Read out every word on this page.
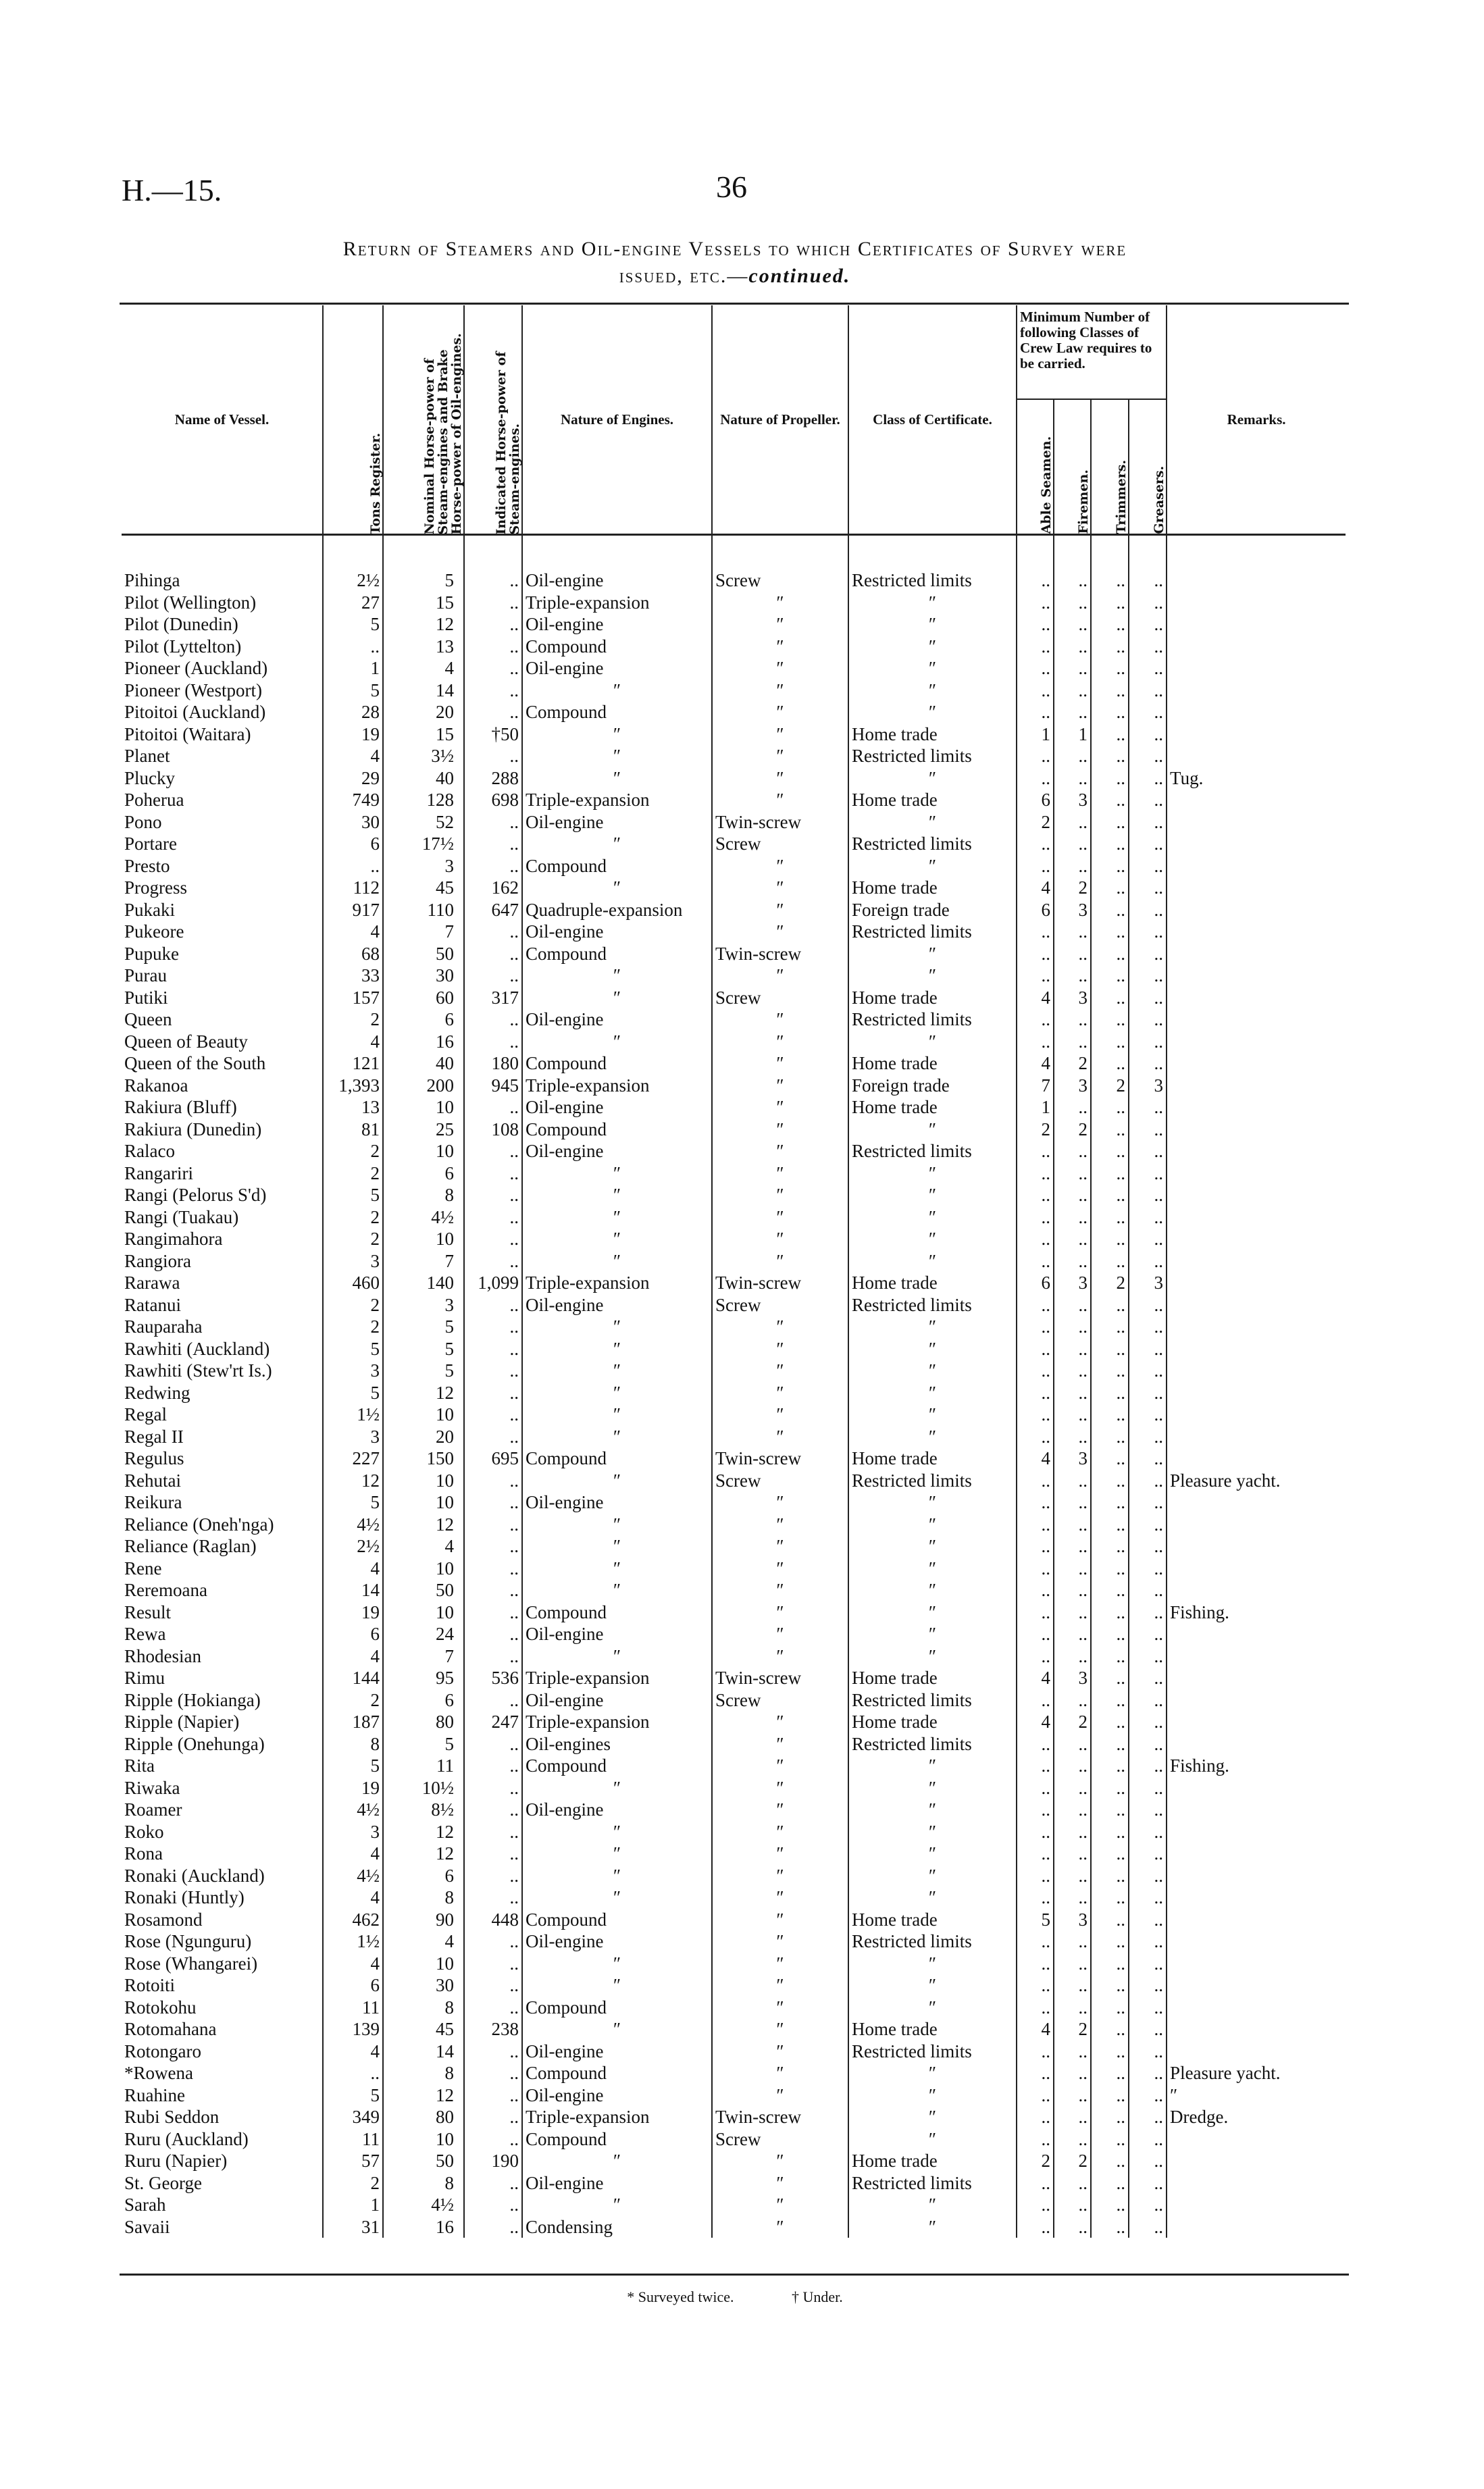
H.—15.	36
Return of Steamers and Oil-engine Vessels to which Certificates of Survey were
issued, etc.—continued.
Name of Vessel.	Tons Register.	Nominal Horse-power of Steam-engines and Brake Horse-power of Oil-engines.	Indicated Horse-power of Steam-engines.	Nature of Engines.	Nature of Propeller.	Class of Certificate.	Minimum Number of following Classes of Crew Law requires to be carried.				Remarks.
							Able Seamen.	Firemen.	Trimmers.	Greasers.	
Pihinga	2½	5	..	Oil-engine	Screw	Restricted limits	..	..	..	..	
Pilot (Wellington)	27	15	..	Triple-expansion	″	″	..	..	..	..	
Pilot (Dunedin)	5	12	..	Oil-engine	″	″	..	..	..	..	
Pilot (Lyttelton)	..	13	..	Compound	″	″	..	..	..	..	
Pioneer (Auckland)	1	4	..	Oil-engine	″	″	..	..	..	..	
Pioneer (Westport)	5	14	..	″	″	″	..	..	..	..	
Pitoitoi (Auckland)	28	20	..	Compound	″	″	..	..	..	..	
Pitoitoi (Waitara)	19	15	†50	″	″	Home trade	1	1	..	..	
Planet	4	3½	..	″	″	Restricted limits	..	..	..	..	
Plucky	29	40	288	″	″	″	..	..	..	..	Tug.
Poherua	749	128	698	Triple-expansion	″	Home trade	6	3	..	..	
Pono	30	52	..	Oil-engine	Twin-screw	″	2	..	..	..	
Portare	6	17½	..	″	Screw	Restricted limits	..	..	..	..	
Presto	..	3	..	Compound	″	″	..	..	..	..	
Progress	112	45	162	″	″	Home trade	4	2	..	..	
Pukaki	917	110	647	Quadruple-expansion	″	Foreign trade	6	3	..	..	
Pukeore	4	7	..	Oil-engine	″	Restricted limits	..	..	..	..	
Pupuke	68	50	..	Compound	Twin-screw	″	..	..	..	..	
Purau	33	30	..	″	″	″	..	..	..	..	
Putiki	157	60	317	″	Screw	Home trade	4	3	..	..	
Queen	2	6	..	Oil-engine	″	Restricted limits	..	..	..	..	
Queen of Beauty	4	16	..	″	″	″	..	..	..	..	
Queen of the South	121	40	180	Compound	″	Home trade	4	2	..	..	
Rakanoa	1,393	200	945	Triple-expansion	″	Foreign trade	7	3	2	3	
Rakiura (Bluff)	13	10	..	Oil-engine	″	Home trade	1	..	..	..	
Rakiura (Dunedin)	81	25	108	Compound	″	″	2	2	..	..	
Ralaco	2	10	..	Oil-engine	″	Restricted limits	..	..	..	..	
Rangariri	2	6	..	″	″	″	..	..	..	..	
Rangi (Pelorus S'd)	5	8	..	″	″	″	..	..	..	..	
Rangi (Tuakau)	2	4½	..	″	″	″	..	..	..	..	
Rangimahora	2	10	..	″	″	″	..	..	..	..	
Rangiora	3	7	..	″	″	″	..	..	..	..	
Rarawa	460	140	1,099	Triple-expansion	Twin-screw	Home trade	6	3	2	3	
Ratanui	2	3	..	Oil-engine	Screw	Restricted limits	..	..	..	..	
Rauparaha	2	5	..	″	″	″	..	..	..	..	
Rawhiti (Auckland)	5	5	..	″	″	″	..	..	..	..	
Rawhiti (Stew'rt Is.)	3	5	..	″	″	″	..	..	..	..	
Redwing	5	12	..	″	″	″	..	..	..	..	
Regal	1½	10	..	″	″	″	..	..	..	..	
Regal II	3	20	..	″	″	″	..	..	..	..	
Regulus	227	150	695	Compound	Twin-screw	Home trade	4	3	..	..	
Rehutai	12	10	..	″	Screw	Restricted limits	..	..	..	..	Pleasure yacht.
Reikura	5	10	..	Oil-engine	″	″	..	..	..	..	
Reliance (Oneh'nga)	4½	12	..	″	″	″	..	..	..	..	
Reliance (Raglan)	2½	4	..	″	″	″	..	..	..	..	
Rene	4	10	..	″	″	″	..	..	..	..	
Reremoana	14	50	..	″	″	″	..	..	..	..	
Result	19	10	..	Compound	″	″	..	..	..	..	Fishing.
Rewa	6	24	..	Oil-engine	″	″	..	..	..	..	
Rhodesian	4	7	..	″	″	″	..	..	..	..	
Rimu	144	95	536	Triple-expansion	Twin-screw	Home trade	4	3	..	..	
Ripple (Hokianga)	2	6	..	Oil-engine	Screw	Restricted limits	..	..	..	..	
Ripple (Napier)	187	80	247	Triple-expansion	″	Home trade	4	2	..	..	
Ripple (Onehunga)	8	5	..	Oil-engines	″	Restricted limits	..	..	..	..	
Rita	5	11	..	Compound	″	″	..	..	..	..	Fishing.
Riwaka	19	10½	..	″	″	″	..	..	..	..	
Roamer	4½	8½	..	Oil-engine	″	″	..	..	..	..	
Roko	3	12	..	″	″	″	..	..	..	..	
Rona	4	12	..	″	″	″	..	..	..	..	
Ronaki (Auckland)	4½	6	..	″	″	″	..	..	..	..	
Ronaki (Huntly)	4	8	..	″	″	″	..	..	..	..	
Rosamond	462	90	448	Compound	″	Home trade	5	3	..	..	
Rose (Ngunguru)	1½	4	..	Oil-engine	″	Restricted limits	..	..	..	..	
Rose (Whangarei)	4	10	..	″	″	″	..	..	..	..	
Rotoiti	6	30	..	″	″	″	..	..	..	..	
Rotokohu	11	8	..	Compound	″	″	..	..	..	..	
Rotomahana	139	45	238	″	″	Home trade	4	2	..	..	
Rotongaro	4	14	..	Oil-engine	″	Restricted limits	..	..	..	..	
*Rowena	..	8	..	Compound	″	″	..	..	..	..	Pleasure yacht.
Ruahine	5	12	..	Oil-engine	″	″	..	..	..	..	″
Rubi Seddon	349	80	..	Triple-expansion	Twin-screw	″	..	..	..	..	Dredge.
Ruru (Auckland)	11	10	..	Compound	Screw	″	..	..	..	..	
Ruru (Napier)	57	50	190	″	″	Home trade	2	2	..	..	
St. George	2	8	..	Oil-engine	″	Restricted limits	..	..	..	..	
Sarah	1	4½	..	″	″	″	..	..	..	..	
Savaii	31	16	..	Condensing	″	″	..	..	..	..	
* Surveyed twice.	† Under.
